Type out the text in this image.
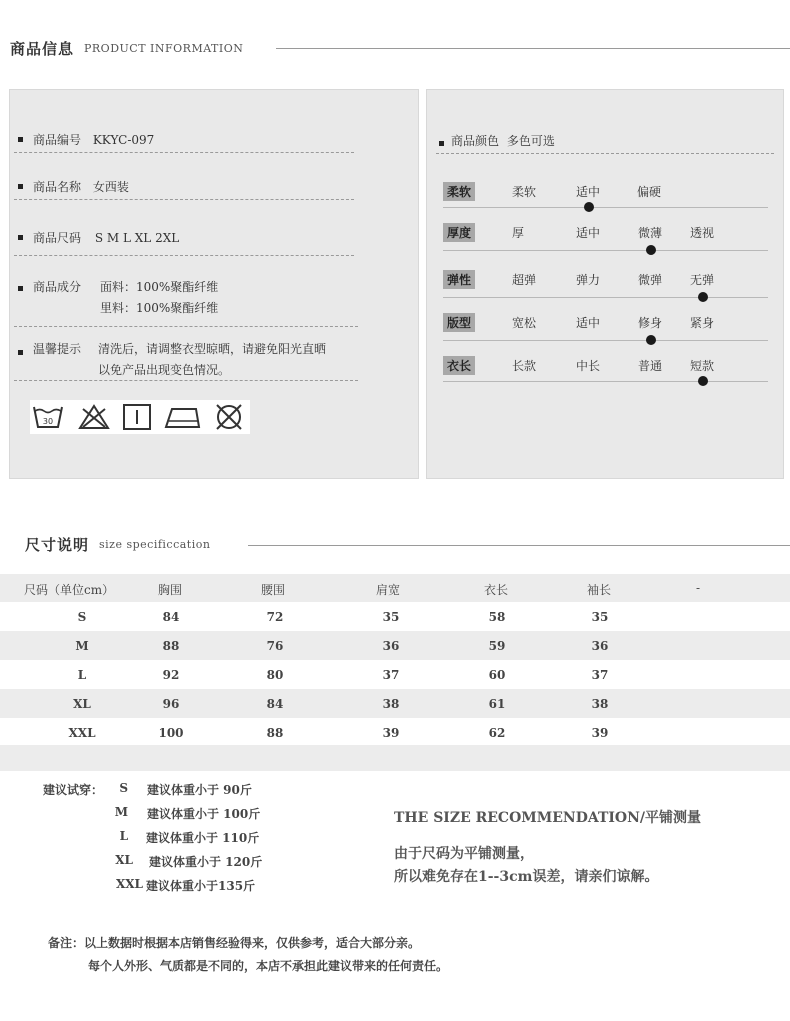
商品信息 PRODUCT INFORMATION
商品编号 KKYC-097
商品名称 女西装
商品尺码 S M L XL 2XL
商品成分 面料：100%聚酯纤维
里料：100%聚酯纤维
温馨提示 清洗后，请调整衣型晾晒，请避免阳光直晒
以免产品出现变色情况。
30
商品颜色 多色可选
柔软	柔软	适中	偏硬
厚度	厚	适中	微薄 透视
弹性	超弹	弹力	微弹 无弹
版型	宽松	适中	修身 紧身
衣长	长款	中长	普通 短款
尺寸说明 size specificcation
尺码（单位cm）	胸围	腰围	肩宽	衣长	袖长	-
S	84	72	35	58	35
M	88	76	36	59	36
L	92	80	37	60	37
XL	96	84	38	61	38
XXL	100	88	39	62	39
建议试穿：	S 建议体重小于 90斤
M 建议体重小于 100斤
L 建议体重小于 110斤
XL 建议体重小于 120斤
XXL 建议体重小于135斤
THE SIZE RECOMMENDATION/平铺测量
由于尺码为平铺测量，
所以难免存在1--3cm误差，请亲们谅解。
备注：以上数据时根据本店销售经验得来，仅供参考，适合大部分亲。
每个人外形、气质都是不同的，本店不承担此建议带来的任何责任。
